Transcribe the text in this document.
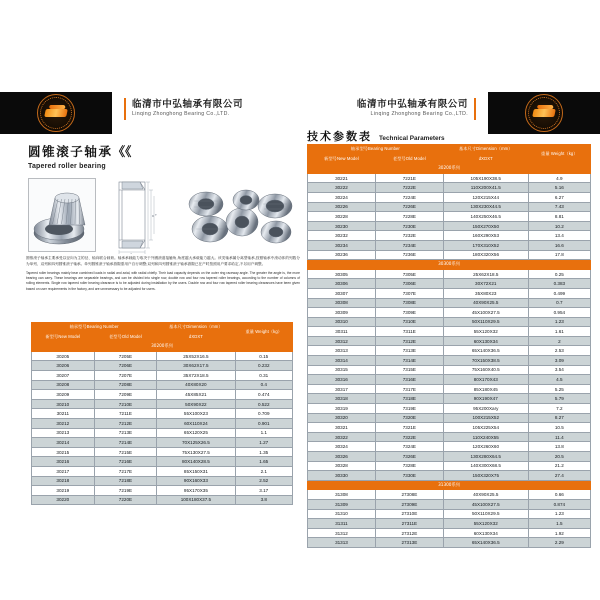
临清市中弘轴承有限公司
Linqing Zhonghong Bearing Co.,LTD.
临清市中弘轴承有限公司
Linqing Zhonghong Bearing Co.,LTD.
圆锥滚子轴承《《
Tapered roller bearing
T
D
d
圆锥滚子轴承主要承受以径向为主的径、轴向联合载荷。轴承承载能力取决于外圈滚道接触角,角度越大承载能力越大。该类轴承属分离型轴承,按照轴承中滚动体的列数分为单列、双列和四列圆锥滚子轴承。单列圆锥滚子轴承游隙需用户自行调整;双列和四列圆锥滚子轴承游隙已在产时按照用户要求给定,不另用户调整。
Tapered roller bearings mainly bear combined loads in radial and axial, with radial chiefly. Their load capacity depends on the outer ring raceway angle. The greater the angle is, the more bearing can carry. These bearings are separable bearings, and can be divided into single row, double row and four row tapered roller bearings, according to the number of columns of rolling elements. Single row tapered roller bearing clearance is to be adjusted during installation by the users. Double row and four row tapered roller bearing clearances have been given based on user requirements in the factory, and are unnecessary to be adjusted for users.
技术参数表 Technical Parameters
轴承型号Bearing Number		基本尺寸Dimension（mm）	重量 Weight（kg）
新型号New Model	老型号Old Model	dXDXT	
30200系列			
30205	7205E	25X52X16.5	0.15
30206	7206E	30X62X17.5	0.232
30207	7207E	35X72X18.5	0.31
30208	7208E	40X80X20	0.4
30209	7209E	45X85X21	0.474
30210	7210E	50X90X22	0.522
30211	7211E	55X100X23	0.709
30212	7212E	60X110X24	0.901
30213	7213E	65X120X25	1.1
30214	7214E	70X125X26.5	1.27
30215	7215E	75X130X27.5	1.35
30216	7216E	80X140X28.5	1.65
30217	7217E	85X150X31	2.1
30218	7218E	90X160X33	2.52
30219	7219E	95X170X35	3.17
30220	7220E	100X180X37.5	3.8
轴承型号Bearing Number		基本尺寸Dimension（mm）	重量 Weight（kg）
新型号New Model	老型号Old Model	dXDXT	
30200系列			
30221	7221E	105X190X38.5	4.9
30222	7222E	110X200X41.5	5.16
30224	7224E	120X215X44	6.27
30226	7226E	130X230X44.5	7.43
30228	7228E	140X250X46.5	8.81
30230	7230E	150X270X50	10.2
30232	7232E	160X290X53	13.4
30234	7234E	170X310X52	16.6
30236	7236E	180X320X56	17.8
30300系列			
30305	7305E	25X62X18.5	0.25
30306	7306E	30X72X21	0.383
30307	7307E	35X80X23	0.499
30308	7308E	40X90X25.5	0.7
30309	7309E	45X100X27.5	0.954
30310	7310E	50X110X29.5	1.23
30311	7311E	55X120X32	1.61
30312	7312E	60X130X34	2
30313	7313E	65X140X36.5	2.53
30314	7314E	70X150X38.5	3.09
30315	7315E	75X160X40.5	3.54
30316	7316E	80X170X43	4.5
30317	7317E	85X180X45	5.25
30318	7318E	90X190X47	5.79
30319	7319E	95X200Xary	7.2
30320	7320E	100X215X52	8.27
30321	7321E	105X225X54	10.5
30322	7322E	110X240X55	11.4
30324	7324E	120X260X60	13.8
30326	7326E	130X280X64.5	20.5
30328	7328E	140X300X68.5	21.2
30330	7330E	150X320X75	27.4
31300系列			
31308	27308E	40X90X25.5	0.66
31309	27309E	45X100X27.5	0.874
31310	27310E	50X110X29.5	1.23
31311	27311E	55X120X32	1.5
31312	27312E	60X130X34	1.92
31313	27313E	65X140X36.5	2.29
